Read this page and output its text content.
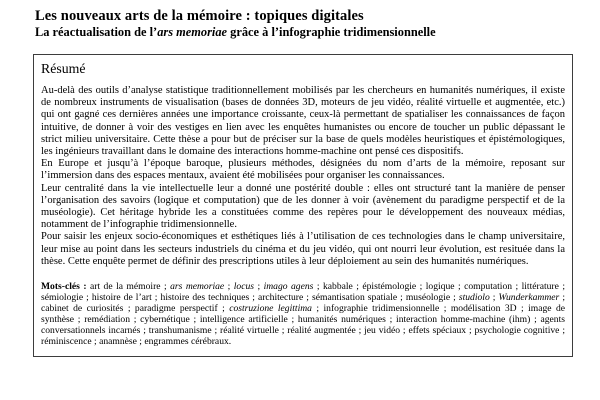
Les nouveaux arts de la mémoire : topiques digitales
La réactualisation de l’ars memoriae grâce à l’infographie tridimensionnelle
Résumé

Au-delà des outils d’analyse statistique traditionnellement mobilisés par les chercheurs en humanités numériques, il existe de nombreux instruments de visualisation (bases de données 3D, moteurs de jeu vidéo, réalité virtuelle et augmentée, etc.) qui ont gagné ces dernières années une importance croissante, ceux-là permettant de spatialiser les connaissances de façon intuitive, de donner à voir des vestiges en lien avec les enquêtes humanistes ou encore de toucher un public dépassant le strict milieu universitaire. Cette thèse a pour but de préciser sur la base de quels modèles heuristiques et épistémologiques, les ingénieurs travaillant dans le domaine des interactions homme-machine ont pensé ces dispositifs.

En Europe et jusqu’à l’époque baroque, plusieurs méthodes, désignées du nom d’arts de la mémoire, reposant sur l’immersion dans des espaces mentaux, avaient été mobilisées pour organiser les connaissances.

Leur centralité dans la vie intellectuelle leur a donné une postérité double : elles ont structuré tant la manière de penser l’organisation des savoirs (logique et computation) que de les donner à voir (avènement du paradigme perspectif et de la muséologie). Cet héritage hybride les a constituées comme des repères pour le développement des nouveaux médias, notamment de l’infographie tridimensionnelle.

Pour saisir les enjeux socio-économiques et esthétiques liés à l’utilisation de ces technologies dans le champ universitaire, leur mise au point dans les secteurs industriels du cinéma et du jeu vidéo, qui ont nourri leur évolution, est resituée dans la thèse. Cette enquête permet de définir des prescriptions utiles à leur déploiement au sein des humanités numériques.

Mots-clés : art de la mémoire ; ars memoriae ; locus ; imago agens ; kabbale ; épistémologie ; logique ; computation ; littérature ; sémiologie ; histoire de l’art ; histoire des techniques ; architecture ; sémantisation spatiale ; muséologie ; studiolo ; Wunderkammer ; cabinet de curiosités ; paradigme perspectif ; costruzione legittima ; infographie tridimensionnelle ; modélisation 3D ; image de synthèse ; remédiation ; cybernétique ; intelligence artificielle ; humanités numériques ; interaction homme-machine (ihm) ; agents conversationnels incarnés ; transhumanisme ; réalité virtuelle ; réalité augmentée ; jeu vidéo ; effets spéciaux ; psychologie cognitive ; réminiscence ; anamnèse ; engrammes cérébraux.
